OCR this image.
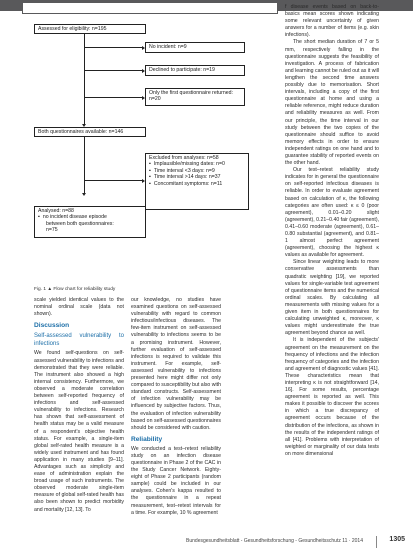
Assessed for eligibility: n=195
No incident: n=9
Declined to participate: n=19
Only the first questionnaire returned: n=20
Both questionnaires available: n=146
Excluded from analyses: n=58
▪ Implausible/missing dates: n=0
▪ Time interval <3 days: n=9
▪ Time interval >14 days: n=37
▪ Concomitant symptoms: n=11
Analysed: n=88
▪ no incident disease episode
between both questionnaires:
n=75
Fig. 1 ▲ Flow chart for reliability study

scale yielded identical values to the nominal ordinal scale (data not shown).

Discussion
Self-assessed vulnerability to infections

We found self-questions on self-assessed vulnerability to infections and demonstrated that they were reliable. The instrument also showed a high internal consistency. Furthermore, we observed a moderate correlation between self-reported frequency of infections and self-assessed vulnerability to infections. Research has shown that self-assessment of health status may be a valid measure of a respondent's objective health status. For example, a single-item global self-rated health measure is a widely used instrument and has found application in many studies [9–11]. Advantages such as simplicity and ease of administration explain the broad usage of such instruments. The observed moderate single-item measure of global self-rated health has also been shown to predict morbidity and mortality [12, 13]. To

our knowledge, no studies have examined questions on self-assessed vulnerability with regard to common infectious/infectious diseases. The few-item instrument on self-assessed vulnerability to infections seems to be a promising instrument. However, further evaluation of self-assessed infections is required to validate this instrument. For example, self-assessed vulnerability to infections presented here might differ not only compared to susceptibility but also with standard constructs. Self-assessment of infection vulnerability may be influenced by subjective factors. Thus, the evaluation of infection vulnerability based on self-assessed questionnaires should be considered with caution.

Reliability

We conducted a test–retest reliability study on an infection disease questionnaire in Phase 2 of the CAC in the Study Cancer Network. Eighty-eight of Phase 2 participants (random sample) could be included in our analyses. Cohen's kappa resulted to the questionnaire in a repeat measurement, test–retest intervals for a time. For example, 10 % agreement

f disease events based on back-to-basics mean scores shown indicating some relevant uncertainty of given answers for a number of items (e.g. skin infections).

The short median duration of 7 or 5 mm, respectively falling in the questionnaire suggests the feasibility of investigation. A process of fabrication and learning cannot be ruled out as it will lengthen the second time answers possibly due to memorisation. Short intervals, including a copy of the first questionnaire at home and using a reliable reference, might reduce duration and reliability measures as well. From our principle, the time interval in our study between the two copies of the questionnaire should suffice to avoid memory effects in order to ensure independent ratings on one hand and to guarantee stability of reported events on the other hand.

Our test–retest reliability study indicates for in general the questionnaire on self-reported infectious diseases is reliable. In order to evaluate agreement based on calculation of κ, the following categories are often used: κ ≤ 0 (poor agreement), 0.01–0.20 slight (agreement), 0.21–0.40 fair (agreement), 0.41–0.60 moderate (agreement), 0.61–0.80 substantial (agreement), and 0.81–1 almost perfect agreement (agreement), choosing the highest κ values as available for agreement.

Since linear weighting leads to more conservative assessments than quadratic weighting [19], we reported values for single-variable test agreement of questionnaire items and the numerical ordinal scales. By calculating all measurements with missing values for a given item in both questionnaires for calculating unweighted κ, moreover, κ values might underestimate the true agreement beyond chance as well.

It is independent of the subjects' agreement on the measurement on the frequency of infections and the infection frequency of categories and the infection and agreement of diagnostic values [41]. These characteristics mean that interpreting κ is not straightforward [14, 16]. For some results, percentage agreement is reported as well. This makes it possible to discover the scores in which a true discrepancy of agreement occurs because of the distribution of the infections, as shown in the results of the independent ratings of all [41]. Problems with interpretation of weighted or marginality of our data tests on more dimensional

Bundesgesundheitsblatt - Gesundheitsforschung - Gesundheitsschutz 11 · 2014	1305
